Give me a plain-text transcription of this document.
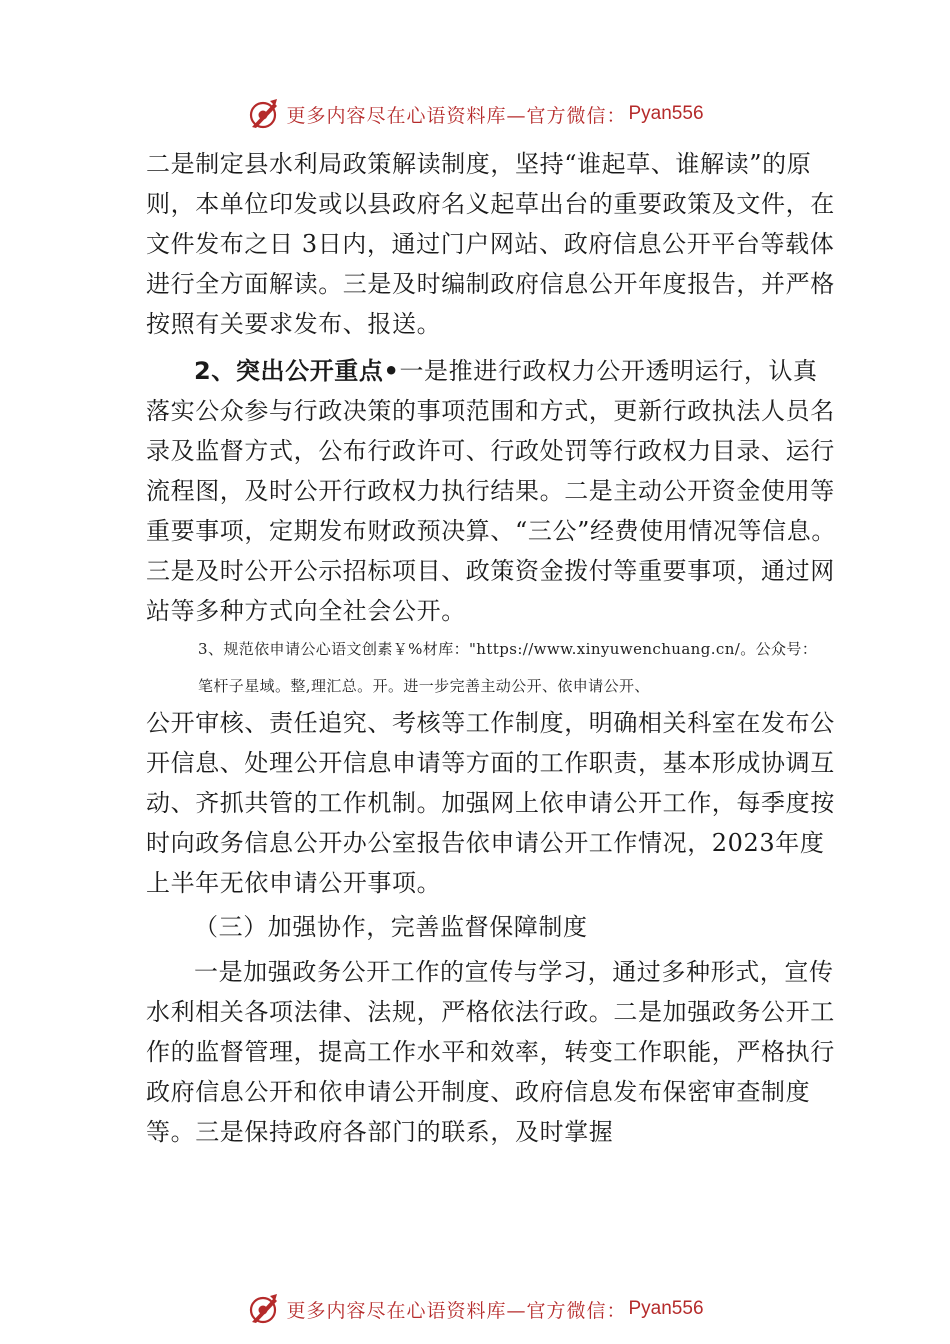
更多内容尽在心语资料库—官方微信： Pyan556

二是制定县水利局政策解读制度，坚持“谁起草、谁解读”的原则，本单位印发或以县政府名义起草出台的重要政策及文件，在文件发布之日 3日内，通过门户网站、政府信息公开平台等载体进行全方面解读。三是及时编制政府信息公开年度报告，并严格按照有关要求发布、报送。

2、突出公开重点•一是推进行政权力公开透明运行，认真落实公众参与行政决策的事项范围和方式，更新行政执法人员名录及监督方式，公布行政许可、行政处罚等行政权力目录、运行流程图，及时公开行政权力执行结果。二是主动公开资金使用等重要事项，定期发布财政预决算、“三公”经费使用情况等信息。三是及时公开公示招标项目、政策资金拨付等重要事项，通过网站等多种方式向全社会公开。

3、规范依申请公心语文创素￥%材库："https://www.xinyuwenchuang.cn/。公众号：

笔杆子星域。整,理汇总。开。进一步完善主动公开、依申请公开、

公开审核、责任追究、考核等工作制度，明确相关科室在发布公开信息、处理公开信息申请等方面的工作职责，基本形成协调互动、齐抓共管的工作机制。加强网上依申请公开工作，每季度按时向政务信息公开办公室报告依申请公开工作情况，2023年度上半年无依申请公开事项。

（三）加强协作，完善监督保障制度

一是加强政务公开工作的宣传与学习，通过多种形式，宣传水利相关各项法律、法规，严格依法行政。二是加强政务公开工作的监督管理，提高工作水平和效率，转变工作职能，严格执行政府信息公开和依申请公开制度、政府信息发布保密审查制度等。三是保持政府各部门的联系，及时掌握

更多内容尽在心语资料库—官方微信： Pyan556
